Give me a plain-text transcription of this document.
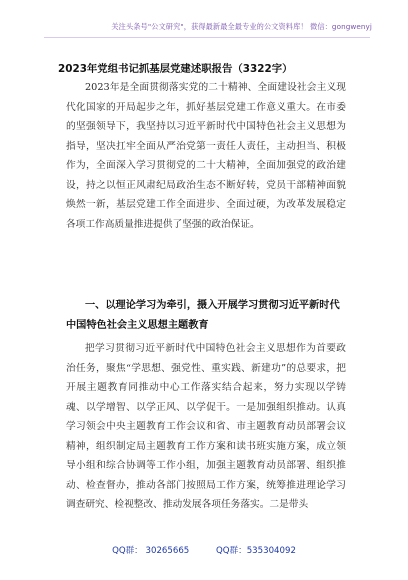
关注头条号"公文研究"，获得最新最全最专业的公文资料库！ 微信：gongwenyj
2023年党组书记抓基层党建述职报告（3322字）
2023年是全面贯彻落实党的二十精神、全面建设社会主义现代化国家的开局起步之年，抓好基层党建工作意义重大。在市委的坚强领导下，我坚持以习近平新时代中国特色社会主义思想为指导，坚决扛牢全面从严治党第一责任人责任，主动担当、积极作为，全面深入学习贯彻党的二十大精神，全面加强党的政治建设，持之以恒正风肃纪局政治生态不断好转，党员干部精神面貌焕然一新，基层党建工作全面进步、全面过硬，为改革发展稳定各项工作高质量推进提供了坚强的政治保证。
一、以理论学习为牵引，摄入开展学习贯彻习近平新时代中国特色社会主义思想主题教育
把学习贯彻习近平新时代中国特色社会主义思想作为首要政治任务，聚焦“学思想、强党性、重实践、新建功”的总要求，把开展主题教育同推动中心工作落实结合起来，努力实现以学铸魂、以学增智、以学正风、以学促干。一是加强组织推动。认真学习领会中央主题教育工作会议和省、市主题教育动员部署会议精神，组织制定局主题教育工作方案和读书班实施方案，成立领导小组和综合协调等工作小组，加强主题教育动员部署、组织推动、检查督办，推动各部门按照局工作方案，统筹推进理论学习调查研究、检视整改、推动发展各项任务落实。二是带头
QQ群： 30265665	QQ群：535304092
